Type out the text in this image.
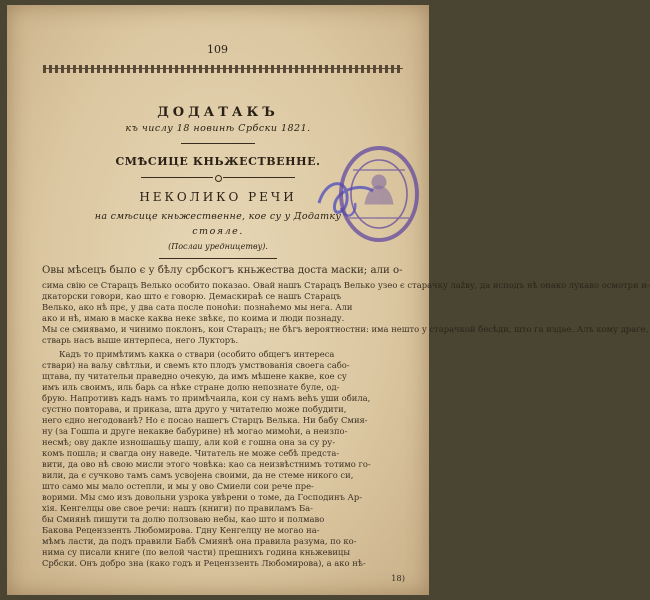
109
ДОДАТАКЪ
къ числу 18 новинѣ Србски 1821.
СМѢСИЦЕ КНЬЖЕСТВЕННЕ.
НЕКОЛИКО РЕЧИ
на смѣсице кньжественне, кое су у Додатку
стояле.
(Послаи уредницетву).
Овы мѣсецъ было є у бѣлу србскогъ кньжества доста маски; али о-
сима свію се Старацъ Велько особито показао. Овай нашъ Старацъ Велько узео є старачку лаžву, да исподъ нѣ онако лукаво осмотри и-
дкаторски говори, као што є говорю. Демаскираѣ се нашъ Старацъ
Велько, ако нѣ прє, у два сата после поноћи: познаћемо мы нега. Али
ако и нѣ, имаю в маске каква некє звѣкє, по коима и люди познаду.
Мы се смиявамо, и чинимо поклонъ, кои Старацъ; не бѣгъ вероятностни: има нешто у старачкой бесѣди, што га издае. Алъ кому драге,
стварь насъ выше интерпеса, него Лукторъ.
Кадъ то примѣтимъ какка о ствари (особито общегъ интереса
ствари) на ваљу свѣтльи, и свемъ кто плодъ умствованія своега сабо-
щтава, пу читательи праведно очекую, да имъ мѣшене какве, кое су
имъ иль своимъ, иль барь са нѣке стране долю непознате буле, од-
брую. Напротивъ кадъ намъ то примѣчаила, кои су намъ већъ уши обила,
сустно повторава, и приказа, шта друго у читателю може побудити,
него єдно негодованѣ? Но є посао нашегъ Старцъ Велька. Ни бабу Смия-
ну (за Гошпа и друге некакве бабурине) нѣ могао мимоћи, а неизпо-
несмѣ; ову дакле изношашьу шашу, али кой є гошна она за су ру-
комъ пошла; и свагда ону наведе. Читатель не може себѣ предста-
вити, да ово нѣ свою мисли этого човѣка: као са неизвѣстнимъ тотимо го-
вили, да є сучково тамъ самъ усвојена своими, да не стеме никого си,
што само мы мало остепли, и мы у ово Смиели сои рече пре-
ворими. Мы смо изъ довольни узрока увѣрени о томе, да Господинъ Ар-
хія. Кенгелцы ове свое речи: нашъ (книги) по правиламъ Ба-
бы Смиянѣ пишути та долю ползоваю небы, као што и полмаво
Бакова Реценззенть Любомирова. Гдну Кенгелцу не могао на-
мѣмъ ласти, да подъ правили Бабѣ Смиянѣ она правила разума, по ко-
нима су писали книге (по велой части) прешнихъ година кньжевицы
Србски. Онъ добро зна (како годъ и Реценззенть Любомирова), а ако нѣ-
18)
